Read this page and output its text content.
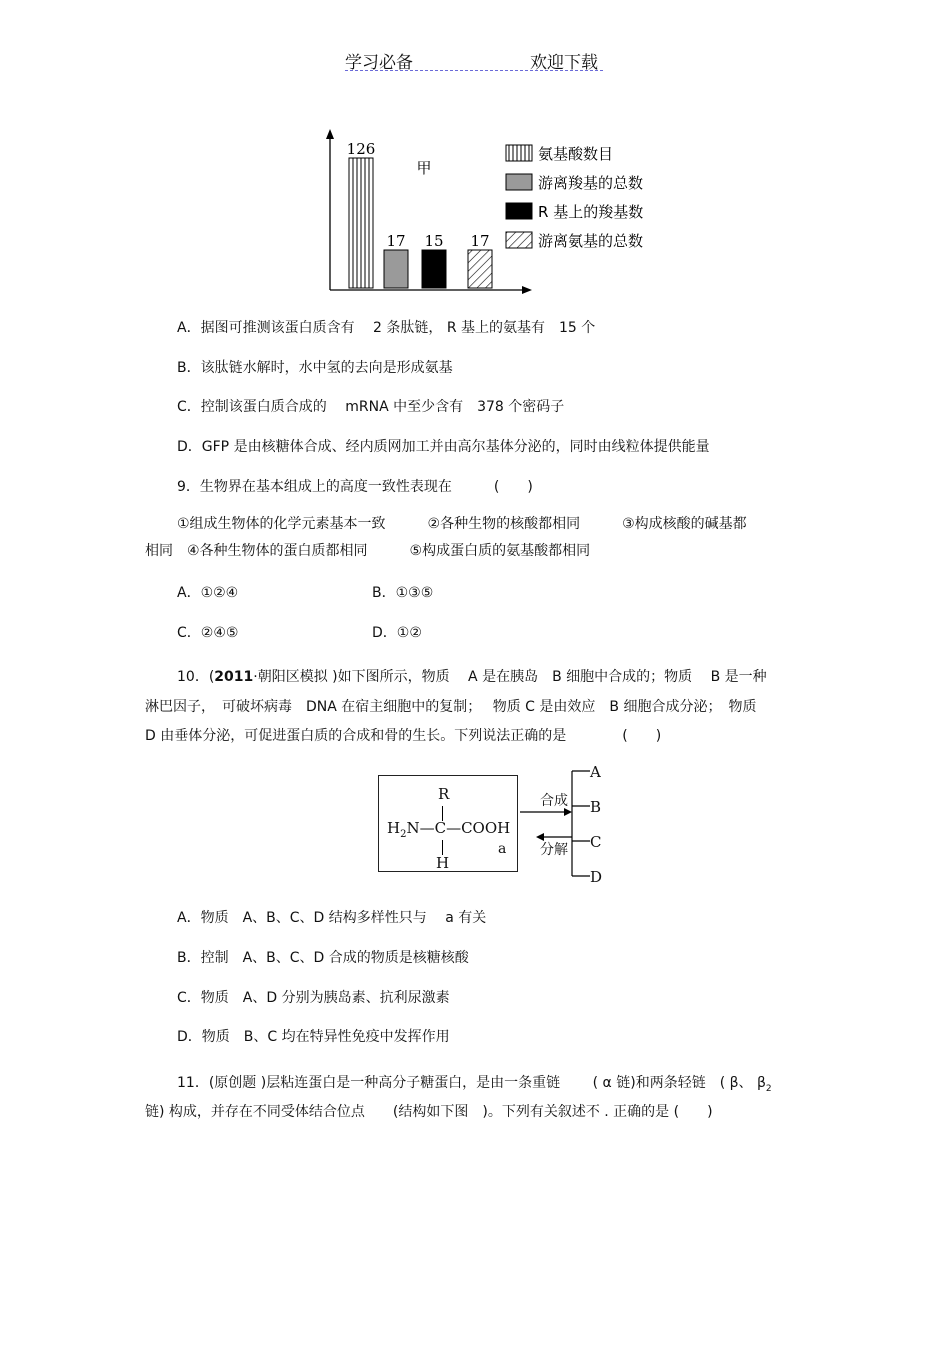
学习必备	欢迎下载
126
17 15 17
甲
氨基酸数目
游离羧基的总数
R 基上的羧基数
游离氨基的总数
A．据图可推测该蛋白质含有　 2 条肽链， R 基上的氨基有　15 个
B．该肽链水解时，水中氢的去向是形成氨基
C．控制该蛋白质合成的　 mRNA 中至少含有　378 个密码子
D．GFP 是由核糖体合成、经内质网加工并由高尔基体分泌的，同时由线粒体提供能量
9．生物界在基本组成上的高度一致性表现在　　　(　　)
①组成生物体的化学元素基本一致　　　②各种生物的核酸都相同　　　③构成核酸的碱基都
相同　④各种生物体的蛋白质都相同　　　⑤构成蛋白质的氨基酸都相同
A．①②④	B．①③⑤
C．②④⑤	D．①②
10．(2011·朝阳区模拟 )如下图所示，物质　 A 是在胰岛　B 细胞中合成的；物质　 B 是一种
淋巴因子，　可破坏病毒　DNA 在宿主细胞中的复制；　 物质 C 是由效应　B 细胞合成分泌；　物质
D 由垂体分泌，可促进蛋白质的合成和骨的生长。下列说法正确的是　　　　(　　)
R
$H_2N—C—COOH$
H
a
合成
分解
A
B
C
D
A．物质　A、B、C、D 结构多样性只与　 a 有关
B．控制　A、B、C、D 合成的物质是核糖核酸
C．物质　A、D 分别为胰岛素、抗利尿激素
D．物质　B、C 均在特异性免疫中发挥作用
11．(原创题 )层粘连蛋白是一种高分子糖蛋白，是由一条重链　　 ( α 链)和两条轻链　( β、 $\beta_2$
链) 构成，并存在不同受体结合位点　　(结构如下图　)。下列有关叙述不 . 正确的是 (　　)
